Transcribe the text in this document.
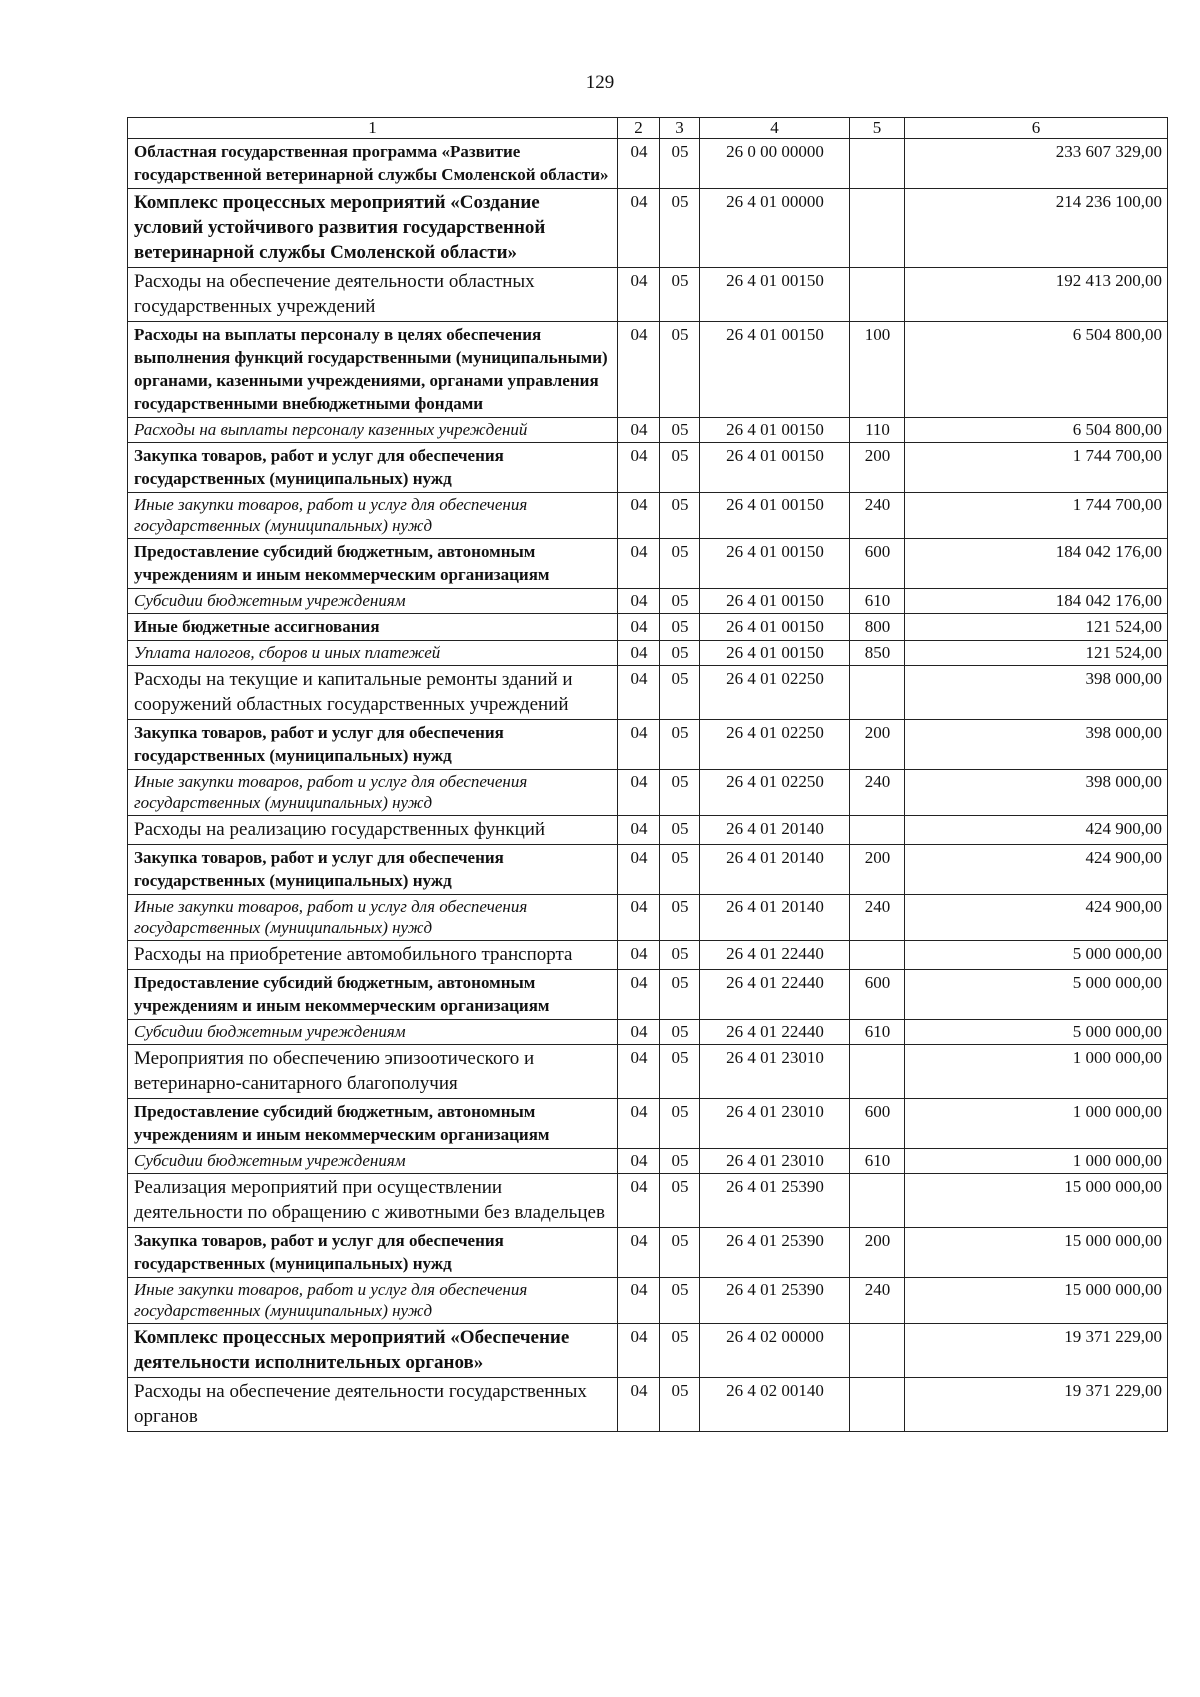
129
1	2	3	4	5	6
Областная государственная программа «Развитие государственной ветеринарной службы Смоленской области»	04	05	26 0 00 00000		233 607 329,00
Комплекс процессных мероприятий «Создание условий устойчивого развития государственной ветеринарной службы Смоленской области»	04	05	26 4 01 00000		214 236 100,00
Расходы на обеспечение деятельности областных государственных учреждений	04	05	26 4 01 00150		192 413 200,00
Расходы на выплаты персоналу в целях обеспечения выполнения функций государственными (муниципальными) органами, казенными учреждениями, органами управления государственными внебюджетными фондами	04	05	26 4 01 00150	100	6 504 800,00
Расходы на выплаты персоналу казенных учреждений	04	05	26 4 01 00150	110	6 504 800,00
Закупка товаров, работ и услуг для обеспечения государственных (муниципальных) нужд	04	05	26 4 01 00150	200	1 744 700,00
Иные закупки товаров, работ и услуг для обеспечения государственных (муниципальных) нужд	04	05	26 4 01 00150	240	1 744 700,00
Предоставление субсидий бюджетным, автономным учреждениям и иным некоммерческим организациям	04	05	26 4 01 00150	600	184 042 176,00
Субсидии бюджетным учреждениям	04	05	26 4 01 00150	610	184 042 176,00
Иные бюджетные ассигнования	04	05	26 4 01 00150	800	121 524,00
Уплата налогов, сборов и иных платежей	04	05	26 4 01 00150	850	121 524,00
Расходы на текущие и капитальные ремонты зданий и сооружений областных государственных учреждений	04	05	26 4 01 02250		398 000,00
Закупка товаров, работ и услуг для обеспечения государственных (муниципальных) нужд	04	05	26 4 01 02250	200	398 000,00
Иные закупки товаров, работ и услуг для обеспечения государственных (муниципальных) нужд	04	05	26 4 01 02250	240	398 000,00
Расходы на реализацию государственных функций	04	05	26 4 01 20140		424 900,00
Закупка товаров, работ и услуг для обеспечения государственных (муниципальных) нужд	04	05	26 4 01 20140	200	424 900,00
Иные закупки товаров, работ и услуг для обеспечения государственных (муниципальных) нужд	04	05	26 4 01 20140	240	424 900,00
Расходы на приобретение автомобильного транспорта	04	05	26 4 01 22440		5 000 000,00
Предоставление субсидий бюджетным, автономным учреждениям и иным некоммерческим организациям	04	05	26 4 01 22440	600	5 000 000,00
Субсидии бюджетным учреждениям	04	05	26 4 01 22440	610	5 000 000,00
Мероприятия по обеспечению эпизоотического и ветеринарно-санитарного благополучия	04	05	26 4 01 23010		1 000 000,00
Предоставление субсидий бюджетным, автономным учреждениям и иным некоммерческим организациям	04	05	26 4 01 23010	600	1 000 000,00
Субсидии бюджетным учреждениям	04	05	26 4 01 23010	610	1 000 000,00
Реализация мероприятий при осуществлении деятельности по обращению с животными без владельцев	04	05	26 4 01 25390		15 000 000,00
Закупка товаров, работ и услуг для обеспечения государственных (муниципальных) нужд	04	05	26 4 01 25390	200	15 000 000,00
Иные закупки товаров, работ и услуг для обеспечения государственных (муниципальных) нужд	04	05	26 4 01 25390	240	15 000 000,00
Комплекс процессных мероприятий «Обеспечение деятельности исполнительных органов»	04	05	26 4 02 00000		19 371 229,00
Расходы на обеспечение деятельности государственных органов	04	05	26 4 02 00140		19 371 229,00
